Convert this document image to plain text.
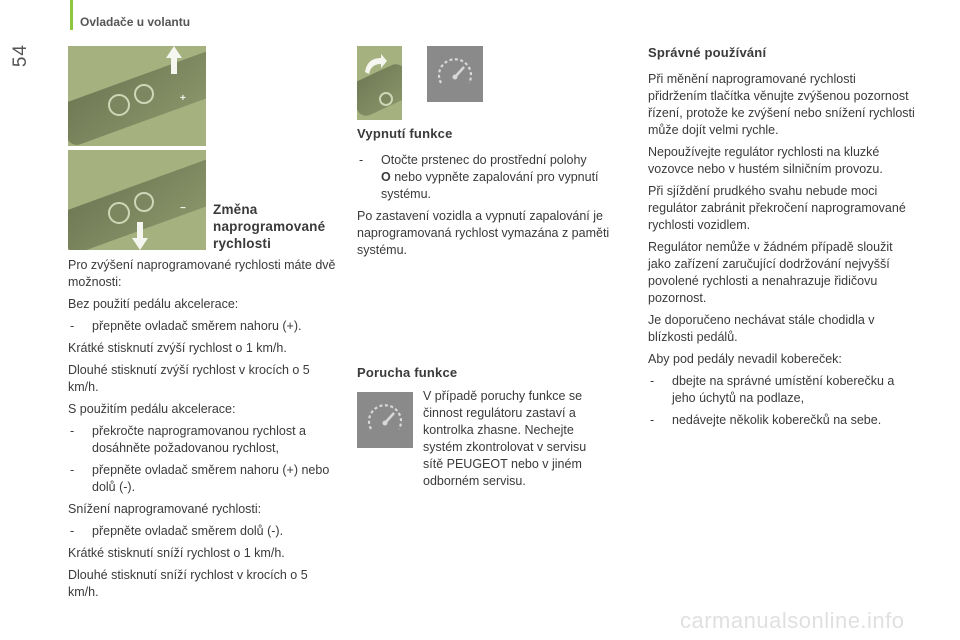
54
Ovladače u volantu
+
− Změna
naprogramované
rychlosti

Pro zvýšení naprogramované rychlosti máte dvě možnosti:

Bez použití pedálu akcelerace:

- přepněte ovladač směrem nahoru (+).

Krátké stisknutí zvýší rychlost o 1 km/h.

Dlouhé stisknutí zvýší rychlost v krocích o 5 km/h.

S použitím pedálu akcelerace:

- překročte naprogramovanou rychlost a dosáhněte požadovanou rychlost,
- přepněte ovladač směrem nahoru (+) nebo dolů (-).

Snížení naprogramované rychlosti:

- přepněte ovladač směrem dolů (-).

Krátké stisknutí sníží rychlost o 1 km/h.

Dlouhé stisknutí sníží rychlost v krocích o 5 km/h.

Vypnutí funkce
- Otočte prstenec do prostřední polohy
O nebo vypněte zapalování pro vypnutí systému.

Po zastavení vozidla a vypnutí zapalování je naprogramovaná rychlost vymazána z paměti systému.

Porucha funkce
V případě poruchy funkce se činnost regulátoru zastaví a kontrolka zhasne. Nechejte systém zkontrolovat v servisu sítě PEUGEOT nebo v jiném odborném servisu.
Správné používání

Při měnění naprogramované rychlosti přidržením tlačítka věnujte zvýšenou pozornost řízení, protože ke zvýšení nebo snížení rychlosti může dojít velmi rychle.

Nepoužívejte regulátor rychlosti na kluzké vozovce nebo v hustém silničním provozu.

Při sjíždění prudkého svahu nebude moci regulátor zabránit překročení naprogramované rychlosti vozidlem.

Regulátor nemůže v žádném případě sloužit jako zařízení zaručující dodržování nejvyšší povolené rychlosti a nenahrazuje řidičovu pozornost.

Je doporučeno nechávat stále chodidla v blízkosti pedálů.

Aby pod pedály nevadil koberec̆ek:

- dbejte na správné umístění koberečku a jeho úchytů na podlaze,
- nedávejte několik koberečků na sebe.
carmanualsonline.info
